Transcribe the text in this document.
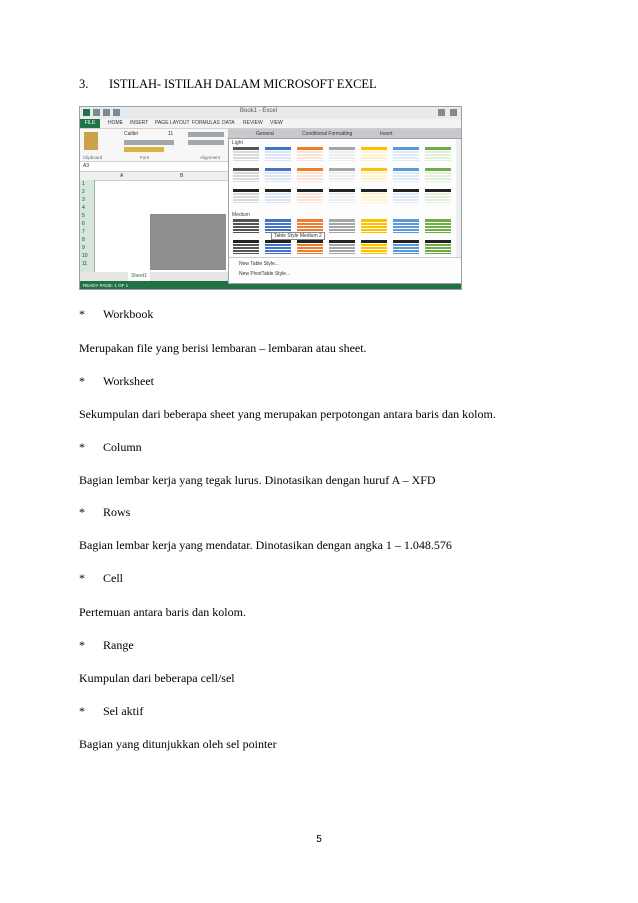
3.	ISTILAH- ISTILAH DALAM MICROSOFT EXCEL
Book1 - Excel
FILE	HOME INSERT PAGE LAYOUT FORMULAS DATA REVIEW VIEW
Calibri	11
Clipboard	Font	Alignment
General	Conditional Formatting	Insert
A3
A	B
1
2
3
4
5
6
7
8
9
10
11
Sheet1
READY PAGE: 1 OF 1
Light
Medium
Table Style Medium 2
New Table Style...
New PivotTable Style...
* Workbook
Merupakan file yang berisi lembaran – lembaran atau sheet.
* Worksheet
Sekumpulan dari beberapa sheet yang merupakan perpotongan antara baris dan kolom.
* Column
Bagian lembar kerja yang tegak lurus. Dinotasikan dengan huruf A – XFD
* Rows
Bagian lembar kerja yang mendatar. Dinotasikan dengan angka 1 – 1.048.576
* Cell
Pertemuan antara baris dan kolom.
* Range
Kumpulan dari beberapa cell/sel
* Sel aktif
Bagian yang ditunjukkan oleh sel pointer
5
